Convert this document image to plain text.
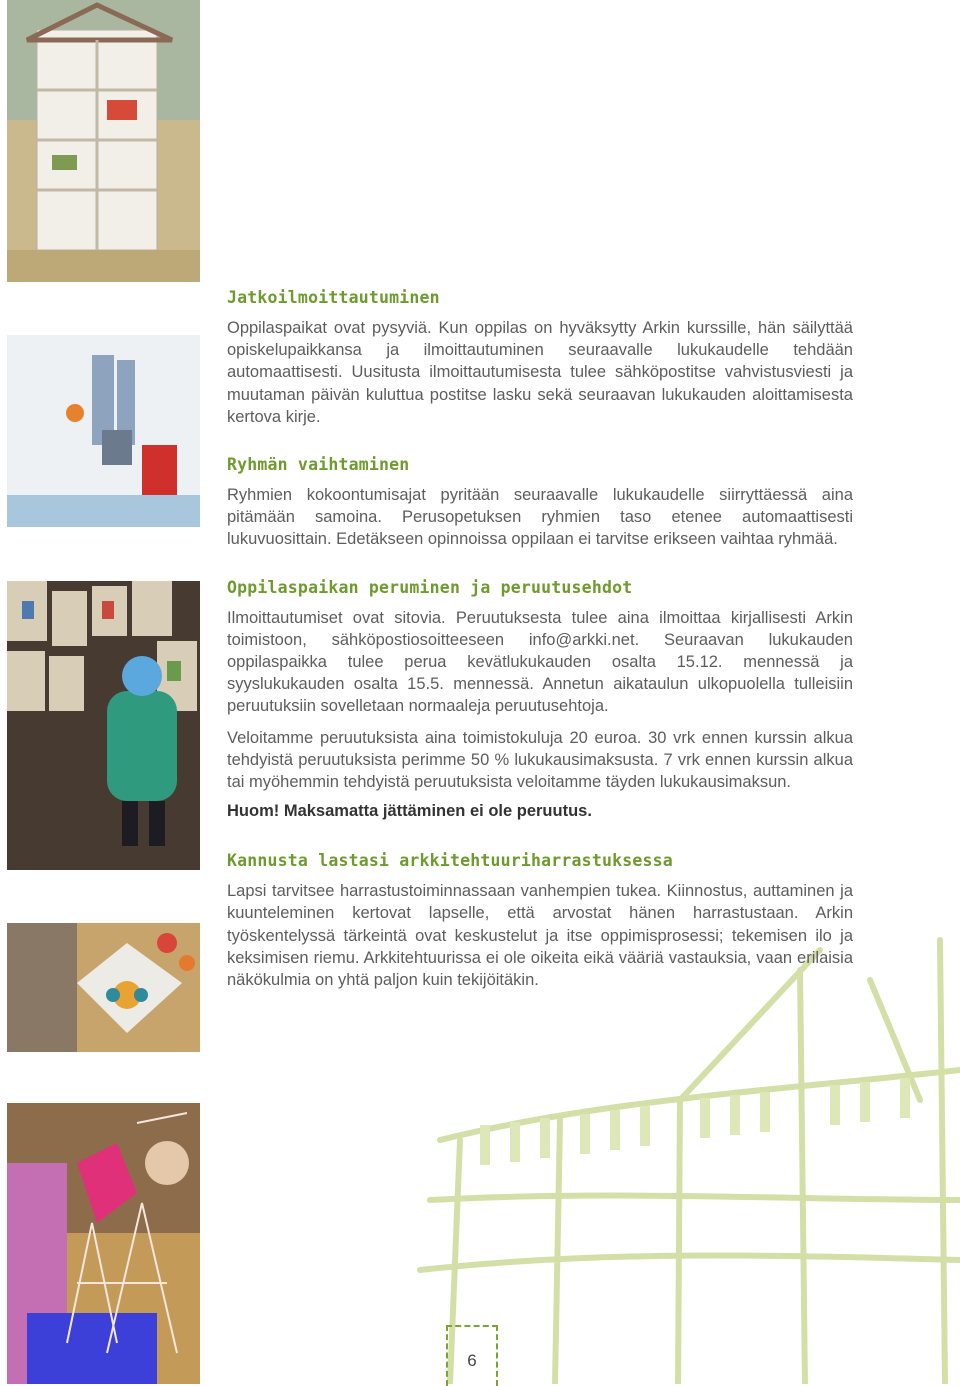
Jatkoilmoittautuminen

Oppilaspaikat ovat pysyviä. Kun oppilas on hyväksytty Arkin kurssille, hän säilyttää opiskelupaikkansa ja ilmoittautuminen seuraavalle lukukaudelle tehdään automaattisesti. Uusitusta ilmoittautumisesta tulee sähköpostitse vahvistusviesti ja muutaman päivän kuluttua postitse lasku sekä seuraavan lukukauden aloittamisesta kertova kirje.

Ryhmän vaihtaminen

Ryhmien kokoontumisajat pyritään seuraavalle lukukaudelle siirryttäessä aina pitämään samoina. Perusopetuksen ryhmien taso etenee automaattisesti lukuvuosittain. Edetäkseen opinnoissa oppilaan ei tarvitse erikseen vaihtaa ryhmää.

Oppilaspaikan peruminen ja peruutusehdot

Ilmoittautumiset ovat sitovia. Peruutuksesta tulee aina ilmoittaa kirjallisesti Arkin toimistoon, sähköpostiosoitteeseen info@arkki.net. Seuraavan lukukauden oppilaspaikka tulee perua kevätlukukauden osalta 15.12. mennessä ja syyslukukauden osalta 15.5. mennessä. Annetun aikataulun ulkopuolella tulleisiin peruutuksiin sovelletaan normaaleja peruutusehtoja.

Veloitamme peruutuksista aina toimistokuluja 20 euroa. 30 vrk ennen kurssin alkua tehdyistä peruutuksista perimme 50 % lukukausimaksusta. 7 vrk ennen kurssin alkua tai myöhemmin tehdyistä peruutuksista veloitamme täyden lukukausimaksun.

Huom! Maksamatta jättäminen ei ole peruutus.

Kannusta lastasi arkkitehtuuriharrastuksessa

Lapsi tarvitsee harrastustoiminnassaan vanhempien tukea. Kiinnostus, auttaminen ja kuunteleminen kertovat lapselle, että arvostat hänen harrastustaan. Arkin työskentelyssä tärkeintä ovat keskustelut ja itse oppimisprosessi; tekemisen ilo ja keksimisen riemu. Arkkitehtuurissa ei ole oikeita eikä vääriä vastauksia, vaan erilaisia näkökulmia on yhtä paljon kuin tekijöitäkin.

6
